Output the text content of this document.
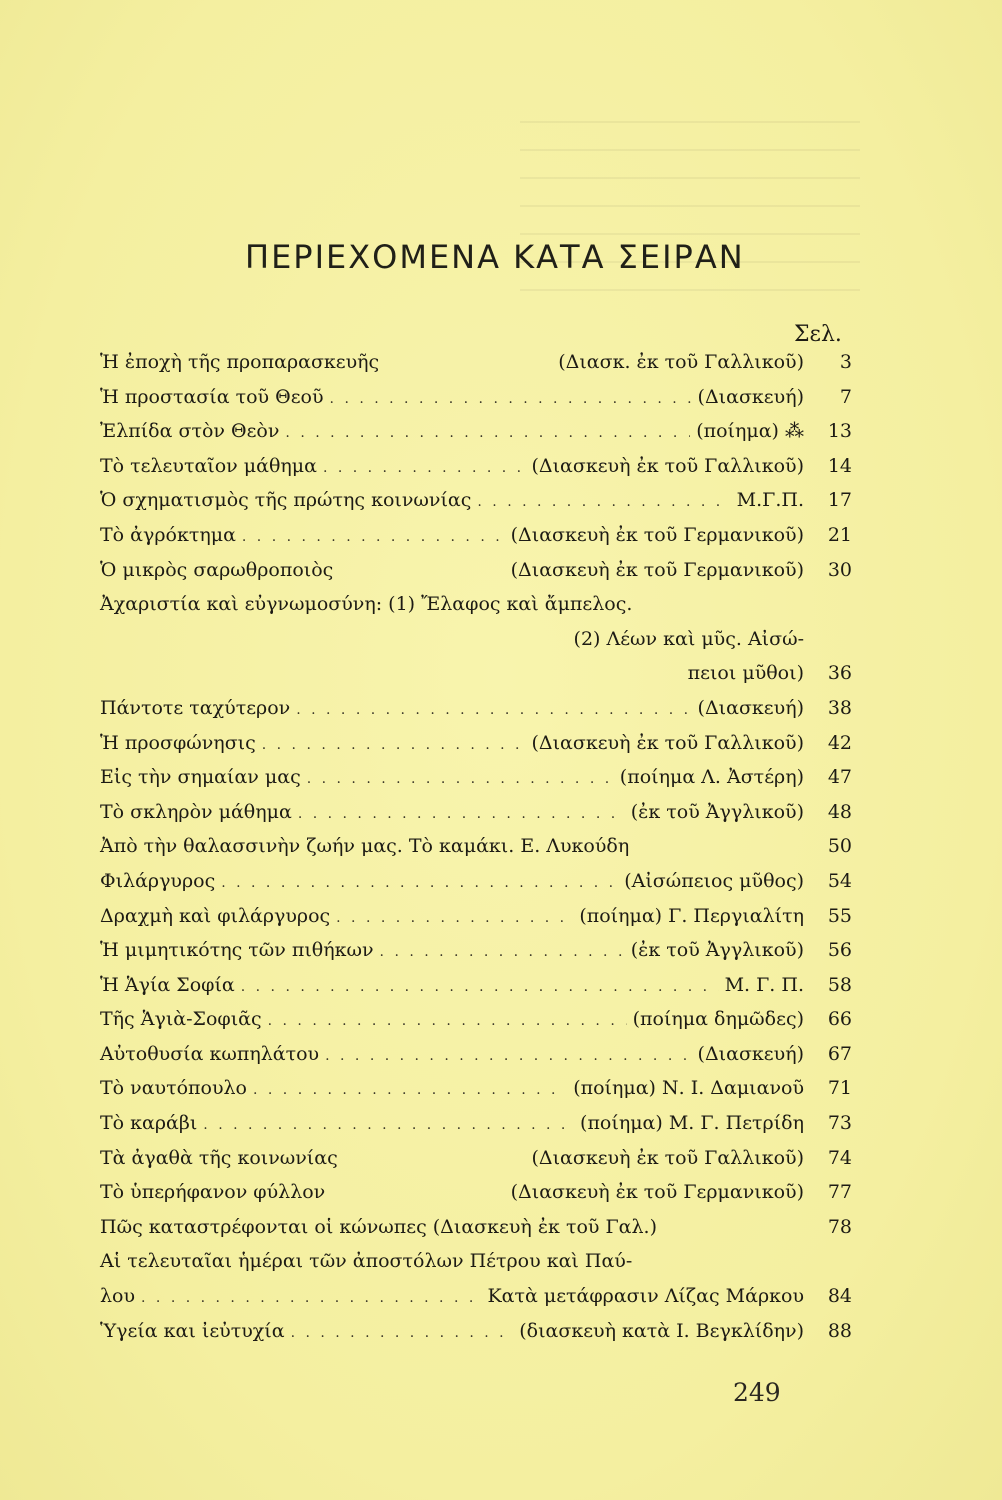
ΠΕΡΙΕΧΟΜΕΝΑ ΚΑΤΑ ΣΕΙΡΑΝ
Σελ.
Ἡ ἐποχὴ τῆς προπαρασκευῆς	(Διασκ. ἐκ τοῦ Γαλλικοῦ)	3
Ἡ προστασία τοῦ Θεοῦ . . .	(Διασκευή)	7
Ἐλπίδα στὸν Θεὸν . . .	(ποίημα) ⁂	13
Τὸ τελευταῖον μάθημα . . .	(Διασκευὴ ἐκ τοῦ Γαλλικοῦ)	14
Ὁ σχηματισμὸς τῆς πρώτης κοινωνίας . . .	Μ.Γ.Π.	17
Τὸ ἀγρόκτημα . . .	(Διασκευὴ ἐκ τοῦ Γερμανικοῦ)	21
Ὁ μικρὸς σαρωθροποιὸς	(Διασκευὴ ἐκ τοῦ Γερμανικοῦ)	30
Ἀχαριστία καὶ εὐγνωμοσύνη: (1) Ἔλαφος καὶ ἄμπελος.
(2) Λέων καὶ μῦς. Αἰσώ-
πειοι μῦθοι)	36
Πάντοτε ταχύτερον . . .	(Διασκευή)	38
Ἡ προσφώνησις . . .	(Διασκευὴ ἐκ τοῦ Γαλλικοῦ)	42
Εἰς τὴν σημαίαν μας . . .	(ποίημα Λ. Ἀστέρη)	47
Τὸ σκληρὸν μάθημα . . .	(ἐκ τοῦ Ἀγγλικοῦ)	48
Ἀπὸ τὴν θαλασσινὴν ζωήν μας. Τὸ καμάκι. Ε. Λυκούδη	50
Φιλάργυρος . . .	(Αἰσώπειος μῦθος)	54
Δραχμὴ καὶ φιλάργυρος . . .	(ποίημα) Γ. Περγιαλίτη	55
Ἡ μιμητικότης τῶν πιθήκων . . .	(ἐκ τοῦ Ἀγγλικοῦ)	56
Ἡ Ἁγία Σοφία . . .	Μ. Γ. Π.	58
Τῆς Ἁγιὰ-Σοφιᾶς . . .	(ποίημα δημῶδες)	66
Αὐτοθυσία κωπηλάτου . . .	(Διασκευή)	67
Τὸ ναυτόπουλο . . .	(ποίημα) Ν. Ι. Δαμιανοῦ	71
Τὸ καράβι . . .	(ποίημα) Μ. Γ. Πετρίδη	73
Τὰ ἀγαθὰ τῆς κοινωνίας	(Διασκευὴ ἐκ τοῦ Γαλλικοῦ)	74
Τὸ ὑπερήφανον φύλλον	(Διασκευὴ ἐκ τοῦ Γερμανικοῦ)	77
Πῶς καταστρέφονται οἱ κώνωπες (Διασκευὴ ἐκ τοῦ Γαλ.)	78
Αἱ τελευταῖαι ἡμέραι τῶν ἀποστόλων Πέτρου καὶ Παύ-
λου . . .	Κατὰ μετάφρασιν Λίζας Μάρκου	84
Ὑγεία και ἰεὐτυχία . . .	(διασκευὴ κατὰ Ι. Βεγκλίδην)	88
249
